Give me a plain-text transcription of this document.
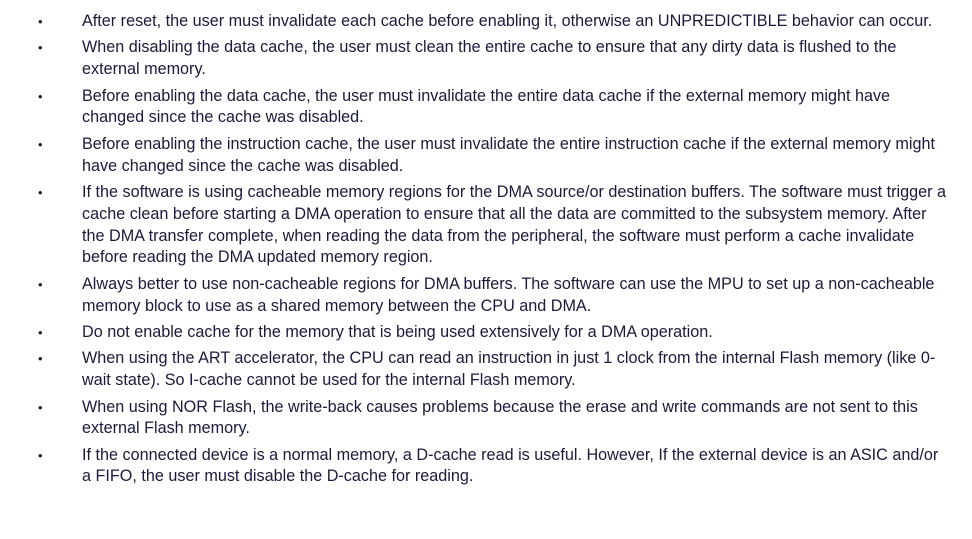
• After reset, the user must invalidate each cache before enabling it, otherwise an UNPREDICTIBLE behavior can occur.
• When disabling the data cache, the user must clean the entire cache to ensure that any dirty data is flushed to the external memory.
• Before enabling the data cache, the user must invalidate the entire data cache if the external memory might have changed since the cache was disabled.
• Before enabling the instruction cache, the user must invalidate the entire instruction cache if the external memory might have changed since the cache was disabled.
• If the software is using cacheable memory regions for the DMA source/or destination buffers. The software must trigger a cache clean before starting a DMA operation to ensure that all the data are committed to the subsystem memory. After the DMA transfer complete, when reading the data from the peripheral, the software must perform a cache invalidate before reading the DMA updated memory region.
• Always better to use non-cacheable regions for DMA buffers. The software can use the MPU to set up a non-cacheable memory block to use as a shared memory between the CPU and DMA.
• Do not enable cache for the memory that is being used extensively for a DMA operation.
• When using the ART accelerator, the CPU can read an instruction in just 1 clock from the internal Flash memory (like 0-wait state). So I-cache cannot be used for the internal Flash memory.
• When using NOR Flash, the write-back causes problems because the erase and write commands are not sent to this external Flash memory.
• If the connected device is a normal memory, a D-cache read is useful. However, If the external device is an ASIC and/or a FIFO, the user must disable the D-cache for reading.
